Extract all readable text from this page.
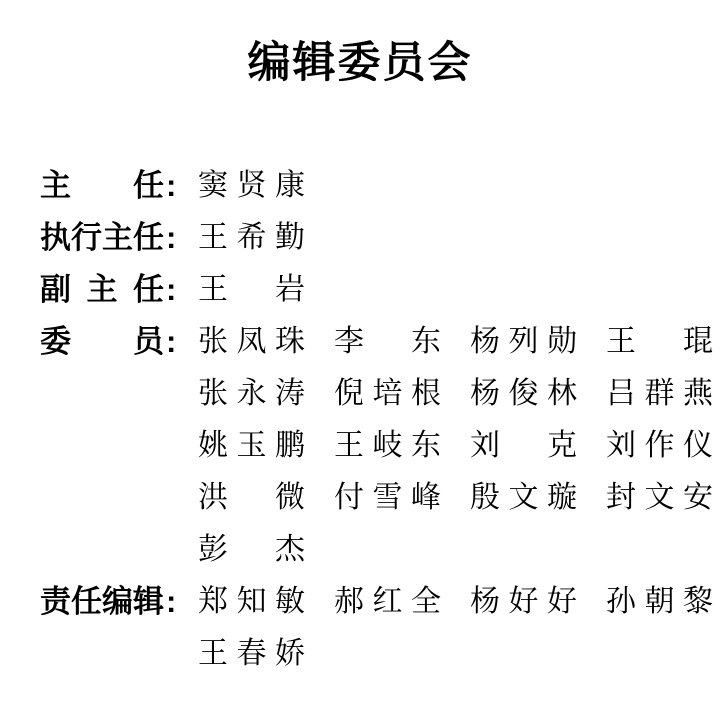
编辑委员会
主 任 : 窦 贤 康
执 行 主 任 : 王 希 勤
副 主 任 : 王 岩
委 员 : 张 凤 珠 李 东 杨 列 勋 王 琨
张 永 涛 倪 培 根 杨 俊 林 吕 群 燕
姚 玉 鹏 王 岐 东 刘 克 刘 作 仪
洪 微 付 雪 峰 殷 文 璇 封 文 安
彭 杰
责 任 编 辑 : 郑 知 敏 郝 红 全 杨 好 好 孙 朝 黎
王 春 娇
